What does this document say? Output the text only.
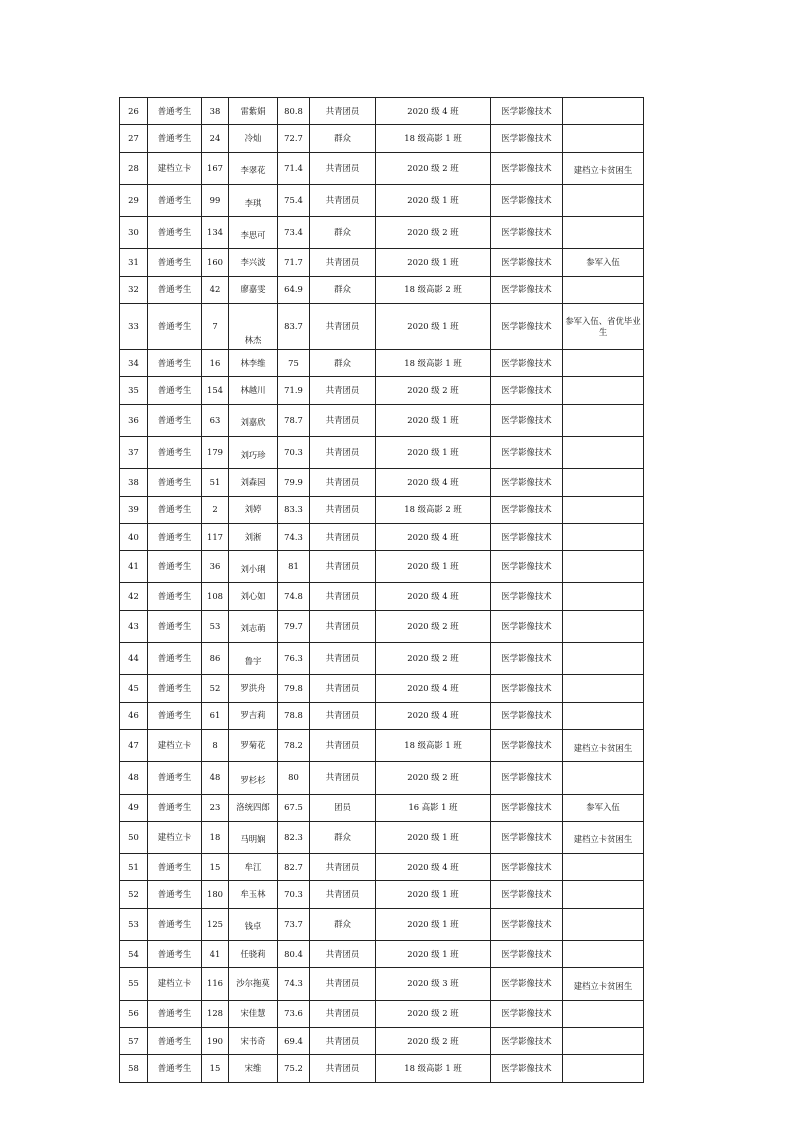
26	普通考生	38	雷紫娟	80.8	共青团员	2020 级 4 班	医学影像技术	
27	普通考生	24	冷灿	72.7	群众	18 级高影 1 班	医学影像技术	
28	建档立卡	167	李翠花	71.4	共青团员	2020 级 2 班	医学影像技术	建档立卡贫困生
29	普通考生	99	李琪	75.4	共青团员	2020 级 1 班	医学影像技术	
30	普通考生	134	李思可	73.4	群众	2020 级 2 班	医学影像技术	
31	普通考生	160	李兴波	71.7	共青团员	2020 级 1 班	医学影像技术	参军入伍
32	普通考生	42	廖嘉雯	64.9	群众	18 级高影 2 班	医学影像技术	
33	普通考生	7	林杰	83.7	共青团员	2020 级 1 班	医学影像技术	参军入伍、省优毕业生
34	普通考生	16	林李维	75	群众	18 级高影 1 班	医学影像技术	
35	普通考生	154	林越川	71.9	共青团员	2020 级 2 班	医学影像技术	
36	普通考生	63	刘嘉欣	78.7	共青团员	2020 级 1 班	医学影像技术	
37	普通考生	179	刘巧珍	70.3	共青团员	2020 级 1 班	医学影像技术	
38	普通考生	51	刘森园	79.9	共青团员	2020 级 4 班	医学影像技术	
39	普通考生	2	刘婷	83.3	共青团员	18 级高影 2 班	医学影像技术	
40	普通考生	117	刘淅	74.3	共青团员	2020 级 4 班	医学影像技术	
41	普通考生	36	刘小琍	81	共青团员	2020 级 1 班	医学影像技术	
42	普通考生	108	刘心如	74.8	共青团员	2020 级 4 班	医学影像技术	
43	普通考生	53	刘志萌	79.7	共青团员	2020 级 2 班	医学影像技术	
44	普通考生	86	鲁宇	76.3	共青团员	2020 级 2 班	医学影像技术	
45	普通考生	52	罗洪舟	79.8	共青团员	2020 级 4 班	医学影像技术	
46	普通考生	61	罗吉莉	78.8	共青团员	2020 级 4 班	医学影像技术	
47	建档立卡	8	罗菊花	78.2	共青团员	18 级高影 1 班	医学影像技术	建档立卡贫困生
48	普通考生	48	罗杉杉	80	共青团员	2020 级 2 班	医学影像技术	
49	普通考生	23	洛统四郎	67.5	团员	16 高影 1 班	医学影像技术	参军入伍
50	建档立卡	18	马明娴	82.3	群众	2020 级 1 班	医学影像技术	建档立卡贫困生
51	普通考生	15	牟江	82.7	共青团员	2020 级 4 班	医学影像技术	
52	普通考生	180	牟玉林	70.3	共青团员	2020 级 1 班	医学影像技术	
53	普通考生	125	钱卓	73.7	群众	2020 级 1 班	医学影像技术	
54	普通考生	41	任骁莉	80.4	共青团员	2020 级 1 班	医学影像技术	
55	建档立卡	116	沙尔拖莫	74.3	共青团员	2020 级 3 班	医学影像技术	建档立卡贫困生
56	普通考生	128	宋佳慧	73.6	共青团员	2020 级 2 班	医学影像技术	
57	普通考生	190	宋书奇	69.4	共青团员	2020 级 2 班	医学影像技术	
58	普通考生	15	宋维	75.2	共青团员	18 级高影 1 班	医学影像技术	
